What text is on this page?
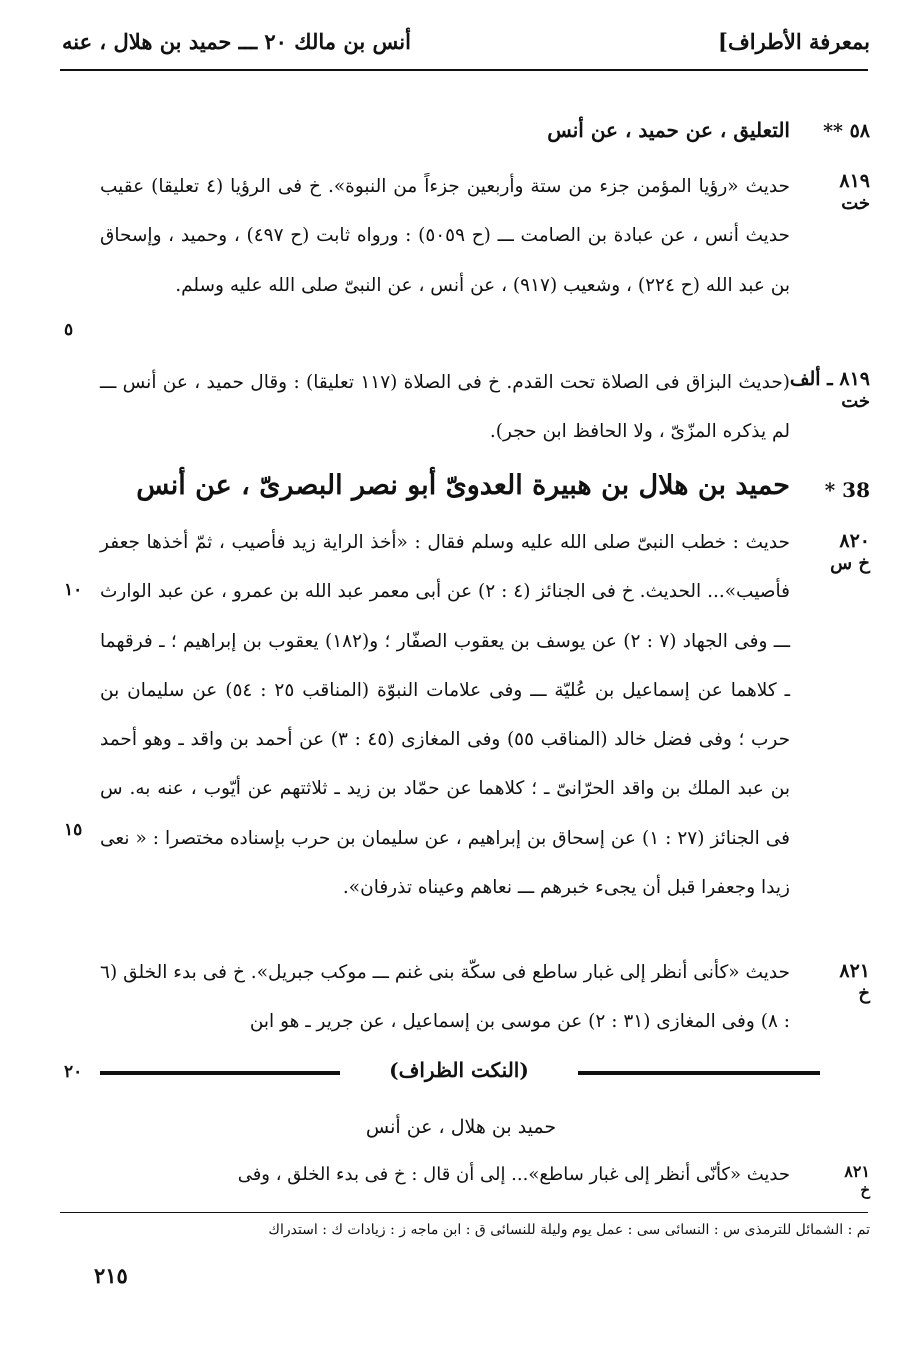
بمعرفة الأطراف]
أنس بن مالك ٢٠ ـــ حميد بن هلال ، عنه
٥٨ **
التعليق ، عن حميد ، عن أنس
٨١٩
خت
حديث «رؤيا المؤمن جزء من ستة وأربعين جزءاً من النبوة». خ فى الرؤيا (٤ تعليقا) عقيب حديث أنس ، عن عبادة بن الصامت ـــ (ح ٥٠٥٩) : ورواه ثابت (ح ٤٩٧) ، وحميد ، وإسحاق بن عبد الله (ح ٢٢٤) ، وشعيب (٩١٧) ، عن أنس ، عن النبىّ صلى الله عليه وسلم.
٥
٨١٩ ـ ألف
خت
(حديث البزاق فى الصلاة تحت القدم. خ فى الصلاة (١١٧ تعليقا) : وقال حميد ، عن أنس ـــ لم يذكره المزّىّ ، ولا الحافظ ابن حجر).
38 *
حميد بن هلال بن هبيرة العدوىّ أبو نصر البصرىّ ، عن أنس
٨٢٠
خ س
حديث : خطب النبىّ صلى الله عليه وسلم فقال : «أخذ الراية زيد فأصيب ، ثمّ أخذها جعفر فأصيب»... الحديث. خ فى الجنائز (٤ : ٢) عن أبى معمر عبد الله بن عمرو ، عن عبد الوارث ـــ وفى الجهاد (٧ : ٢) عن يوسف بن يعقوب الصفّار ؛ و(١٨٢) يعقوب بن إبراهيم ؛ ـ فرقهما ـ كلاهما عن إسماعيل بن عُليّة ـــ وفى علامات النبوّة (المناقب ٢٥ : ٥٤) عن سليمان بن حرب ؛ وفى فضل خالد (المناقب ٥٥) وفى المغازى (٤٥ : ٣) عن أحمد بن واقد ـ وهو أحمد بن عبد الملك بن واقد الحرّانىّ ـ ؛ كلاهما عن حمّاد بن زيد ـ ثلاثتهم عن أيّوب ، عنه به. س فى الجنائز (٢٧ : ١) عن إسحاق بن إبراهيم ، عن سليمان بن حرب بإسناده مختصرا : « نعى زيدا وجعفرا قبل أن يجىء خبرهم ـــ نعاهم وعيناه تذرفان».
١٠
١٥
٨٢١
خ
حديث «كأنى أنظر إلى غبار ساطع فى سكّة بنى غنم ـــ موكب جبريل». خ فى بدء الخلق (٦ : ٨) وفى المغازى (٣١ : ٢) عن موسى بن إسماعيل ، عن جرير ـ هو ابن
٢٠	(النكت الظراف)
حميد بن هلال ، عن أنس
٨٢١
خ
حديث «كأنّى أنظر إلى غبار ساطع»... إلى أن قال : خ فى بدء الخلق ، وفى
تم : الشمائل للترمذى س : النسائى سى : عمل يوم وليلة للنسائى ق : ابن ماجه ز : زيادات ك : استدراك
٢١٥
